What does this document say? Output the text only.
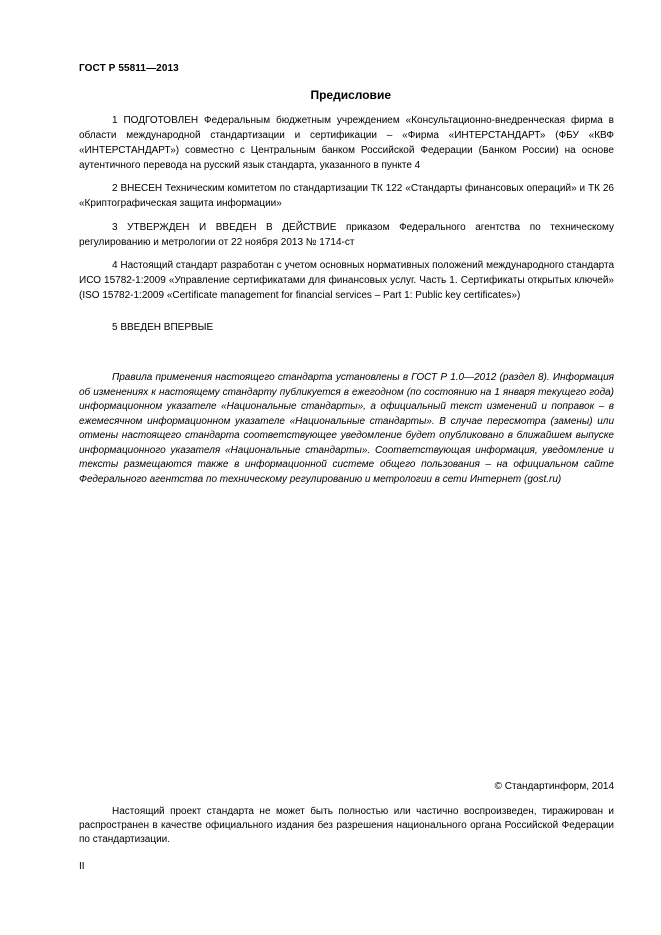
ГОСТ Р 55811—2013
Предисловие

1 ПОДГОТОВЛЕН Федеральным бюджетным учреждением «Консультационно-внедренческая фирма в области международной стандартизации и сертификации – «Фирма «ИНТЕРСТАНДАРТ» (ФБУ «КВФ «ИНТЕРСТАНДАРТ») совместно с Центральным банком Российской Федерации (Банком России) на основе аутентичного перевода на русский язык стандарта, указанного в пункте 4

2 ВНЕСЕН Техническим комитетом по стандартизации ТК 122 «Стандарты финансовых операций» и ТК 26 «Криптографическая защита информации»

3 УТВЕРЖДЕН И ВВЕДЕН В ДЕЙСТВИЕ приказом Федерального агентства по техническому регулированию и метрологии от 22 ноября 2013 № 1714-ст

4 Настоящий стандарт разработан с учетом основных нормативных положений международного стандарта ИСО 15782-1:2009 «Управление сертификатами для финансовых услуг. Часть 1. Сертификаты открытых ключей» (ISO 15782-1:2009 «Certificate management for financial services – Part 1: Public key certificates»)

5 ВВЕДЕН ВПЕРВЫЕ

Правила применения настоящего стандарта установлены в ГОСТ Р 1.0—2012 (раздел 8). Информация об изменениях к настоящему стандарту публикуется в ежегодном (по состоянию на 1 января текущего года) информационном указателе «Национальные стандарты», а официальный текст изменений и поправок – в ежемесячном информационном указателе «Национальные стандарты». В случае пересмотра (замены) или отмены настоящего стандарта соответствующее уведомление будет опубликовано в ближайшем выпуске информационного указателя «Национальные стандарты». Соответствующая информация, уведомление и тексты размещаются также в информационной системе общего пользования – на официальном сайте Федерального агентства по техническому регулированию и метрологии в сети Интернет (gost.ru)

© Стандартинформ, 2014

Настоящий проект стандарта не может быть полностью или частично воспроизведен, тиражирован и распространен в качестве официального издания без разрешения национального органа Российской Федерации по стандартизации.

II
